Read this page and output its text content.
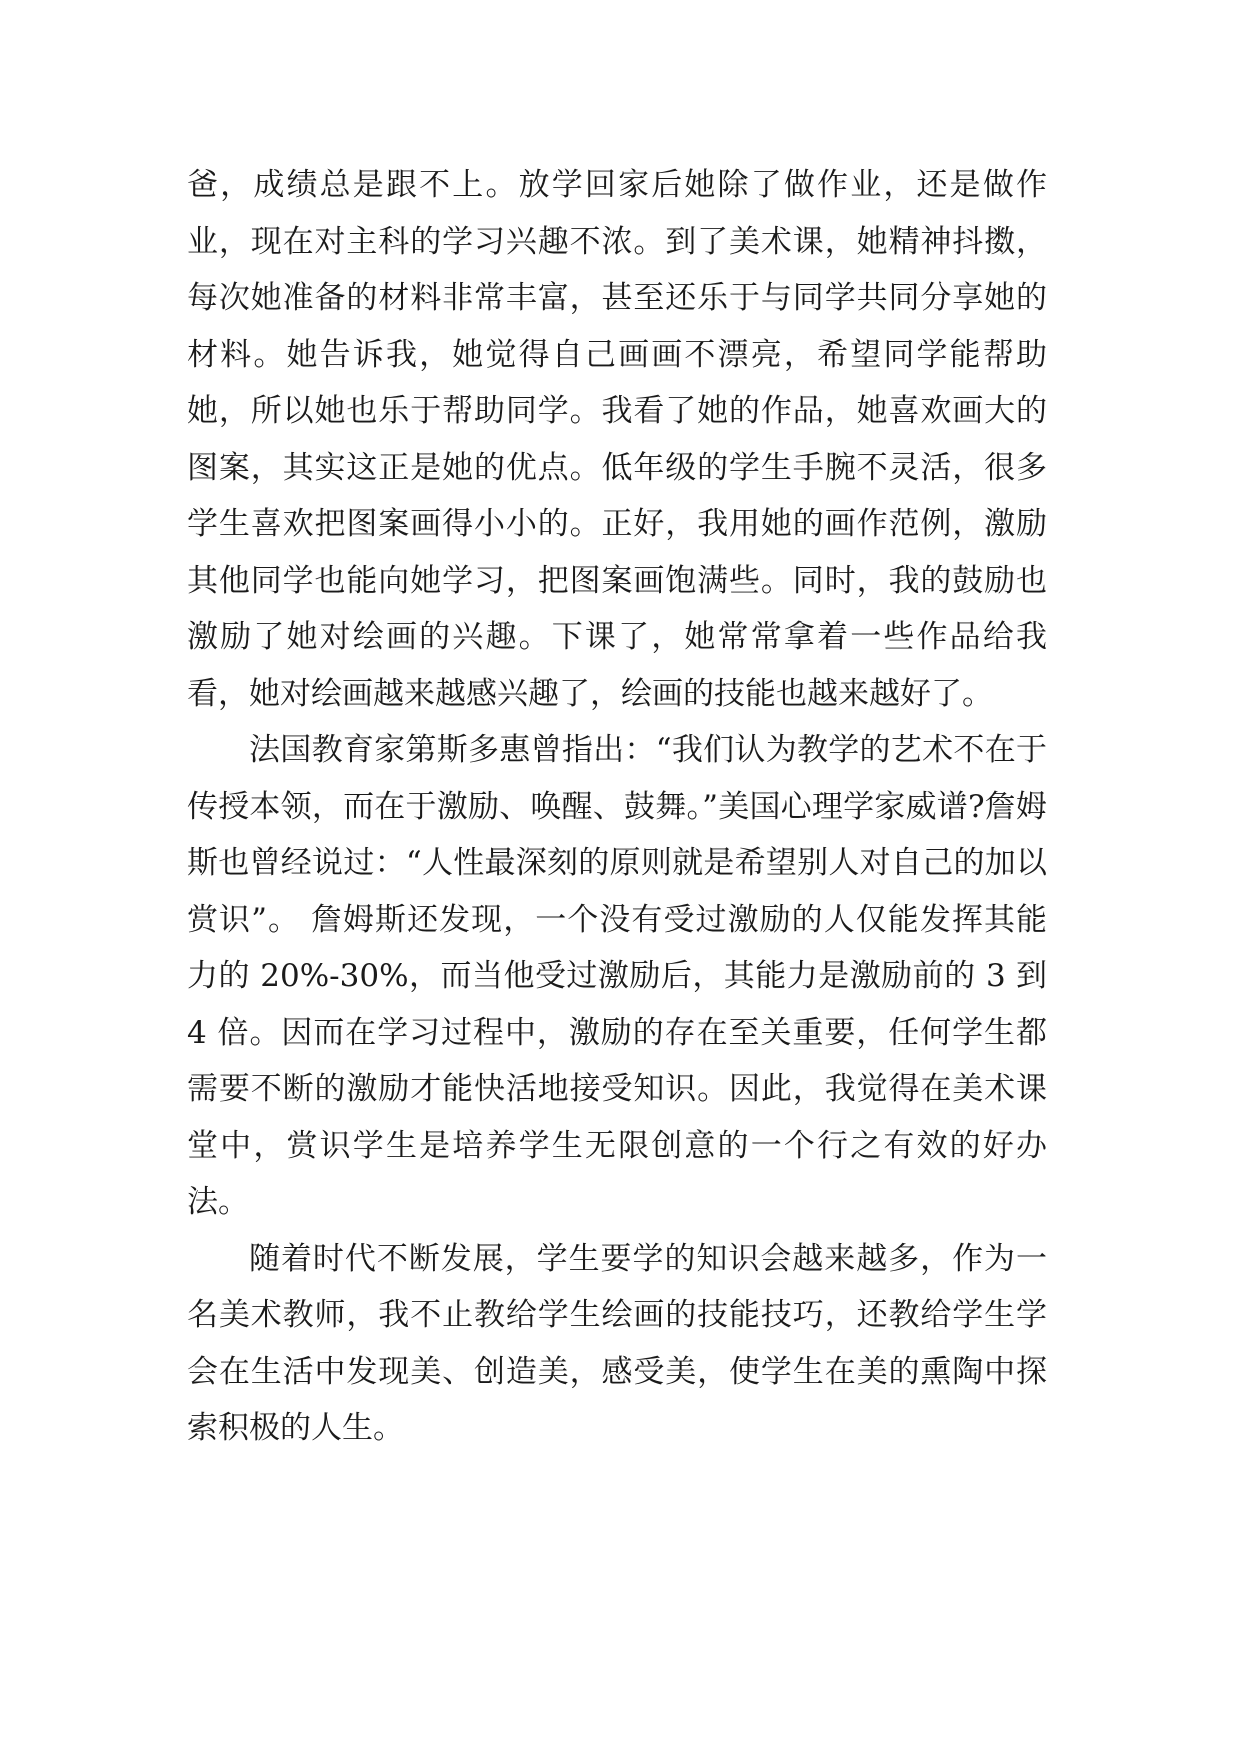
爸，成绩总是跟不上。放学回家后她除了做作业，还是做作业，现在对主科的学习兴趣不浓。到了美术课，她精神抖擞，每次她准备的材料非常丰富，甚至还乐于与同学共同分享她的材料。她告诉我，她觉得自己画画不漂亮，希望同学能帮助她，所以她也乐于帮助同学。我看了她的作品，她喜欢画大的图案，其实这正是她的优点。低年级的学生手腕不灵活，很多学生喜欢把图案画得小小的。正好，我用她的画作范例，激励其他同学也能向她学习，把图案画饱满些。同时，我的鼓励也激励了她对绘画的兴趣。下课了，她常常拿着一些作品给我看，她对绘画越来越感兴趣了，绘画的技能也越来越好了。

法国教育家第斯多惠曾指出：“我们认为教学的艺术不在于传授本领，而在于激励、唤醒、鼓舞。”美国心理学家威谱?詹姆斯也曾经说过：“人性最深刻的原则就是希望别人对自己的加以赏识”。 詹姆斯还发现，一个没有受过激励的人仅能发挥其能力的 20%-30%，而当他受过激励后，其能力是激励前的 3 到 4 倍。因而在学习过程中，激励的存在至关重要，任何学生都需要不断的激励才能快活地接受知识。因此，我觉得在美术课堂中，赏识学生是培养学生无限创意的一个行之有效的好办法。

随着时代不断发展，学生要学的知识会越来越多，作为一名美术教师，我不止教给学生绘画的技能技巧，还教给学生学会在生活中发现美、创造美，感受美，使学生在美的熏陶中探索积极的人生。
